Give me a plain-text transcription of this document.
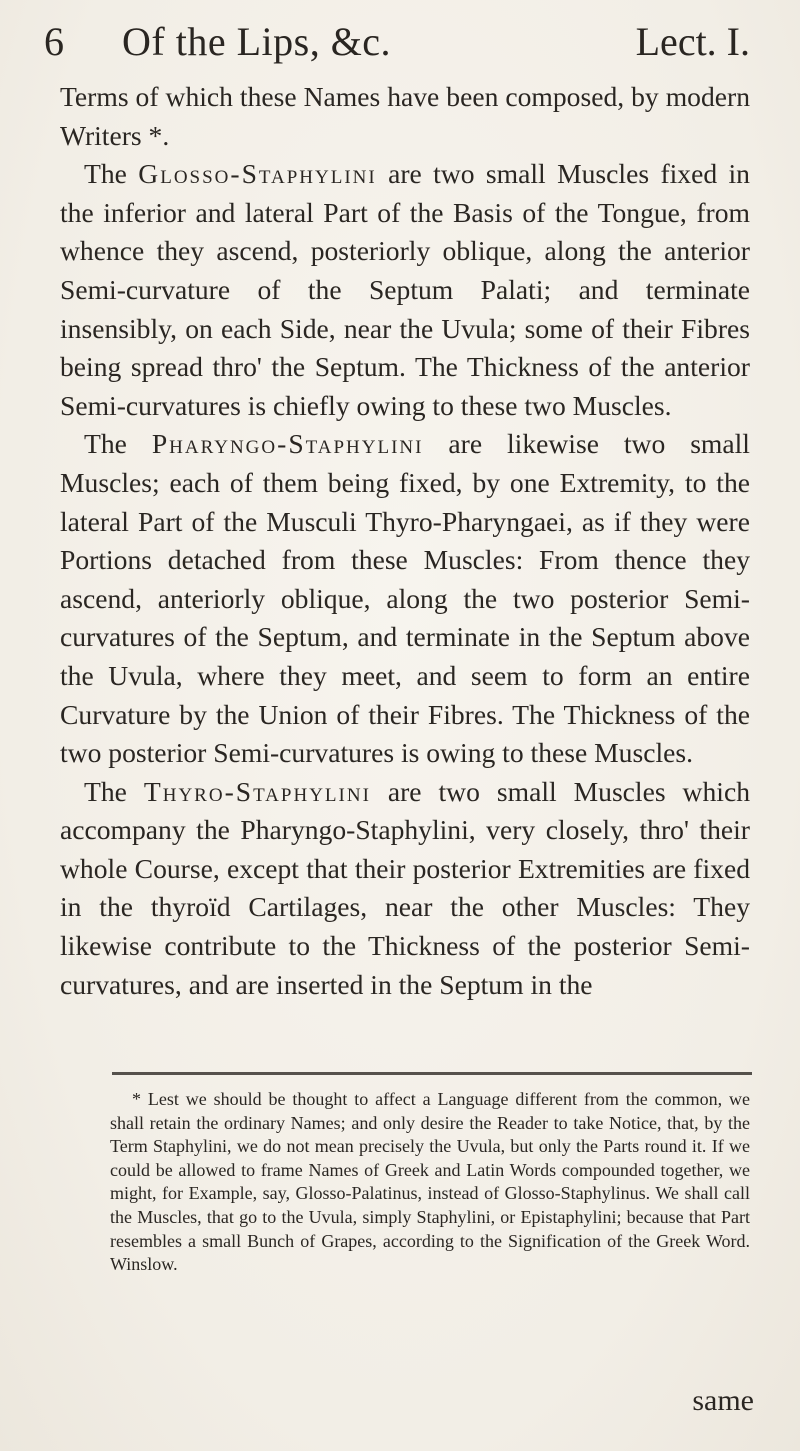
6 Of the Lips, &c.	Lect. I.

Terms of which these Names have been composed, by modern Writers *.

The Glosso-Staphylini are two small Muscles fixed in the inferior and lateral Part of the Basis of the Tongue, from whence they ascend, posteriorly oblique, along the anterior Semi-curvature of the Septum Palati; and terminate insensibly, on each Side, near the Uvula; some of their Fibres being spread thro' the Septum. The Thickness of the anterior Semi-curvatures is chiefly owing to these two Muscles.

The Pharyngo-Staphylini are likewise two small Muscles; each of them being fixed, by one Extremity, to the lateral Part of the Musculi Thyro-Pharyngaei, as if they were Portions detached from these Muscles: From thence they ascend, anteriorly oblique, along the two posterior Semi-curvatures of the Septum, and terminate in the Septum above the Uvula, where they meet, and seem to form an entire Curvature by the Union of their Fibres. The Thickness of the two posterior Semi-curvatures is owing to these Muscles.

The Thyro-Staphylini are two small Muscles which accompany the Pharyngo-Staphylini, very closely, thro' their whole Course, except that their posterior Extremities are fixed in the thyroïd Cartilages, near the other Muscles: They likewise contribute to the Thickness of the posterior Semi-curvatures, and are inserted in the Septum in the

* Lest we should be thought to affect a Language different from the common, we shall retain the ordinary Names; and only desire the Reader to take Notice, that, by the Term Staphylini, we do not mean precisely the Uvula, but only the Parts round it. If we could be allowed to frame Names of Greek and Latin Words compounded together, we might, for Example, say, Glosso-Palatinus, instead of Glosso-Staphylinus. We shall call the Muscles, that go to the Uvula, simply Staphylini, or Epistaphylini; because that Part resembles a small Bunch of Grapes, according to the Signification of the Greek Word. Winslow.
same
